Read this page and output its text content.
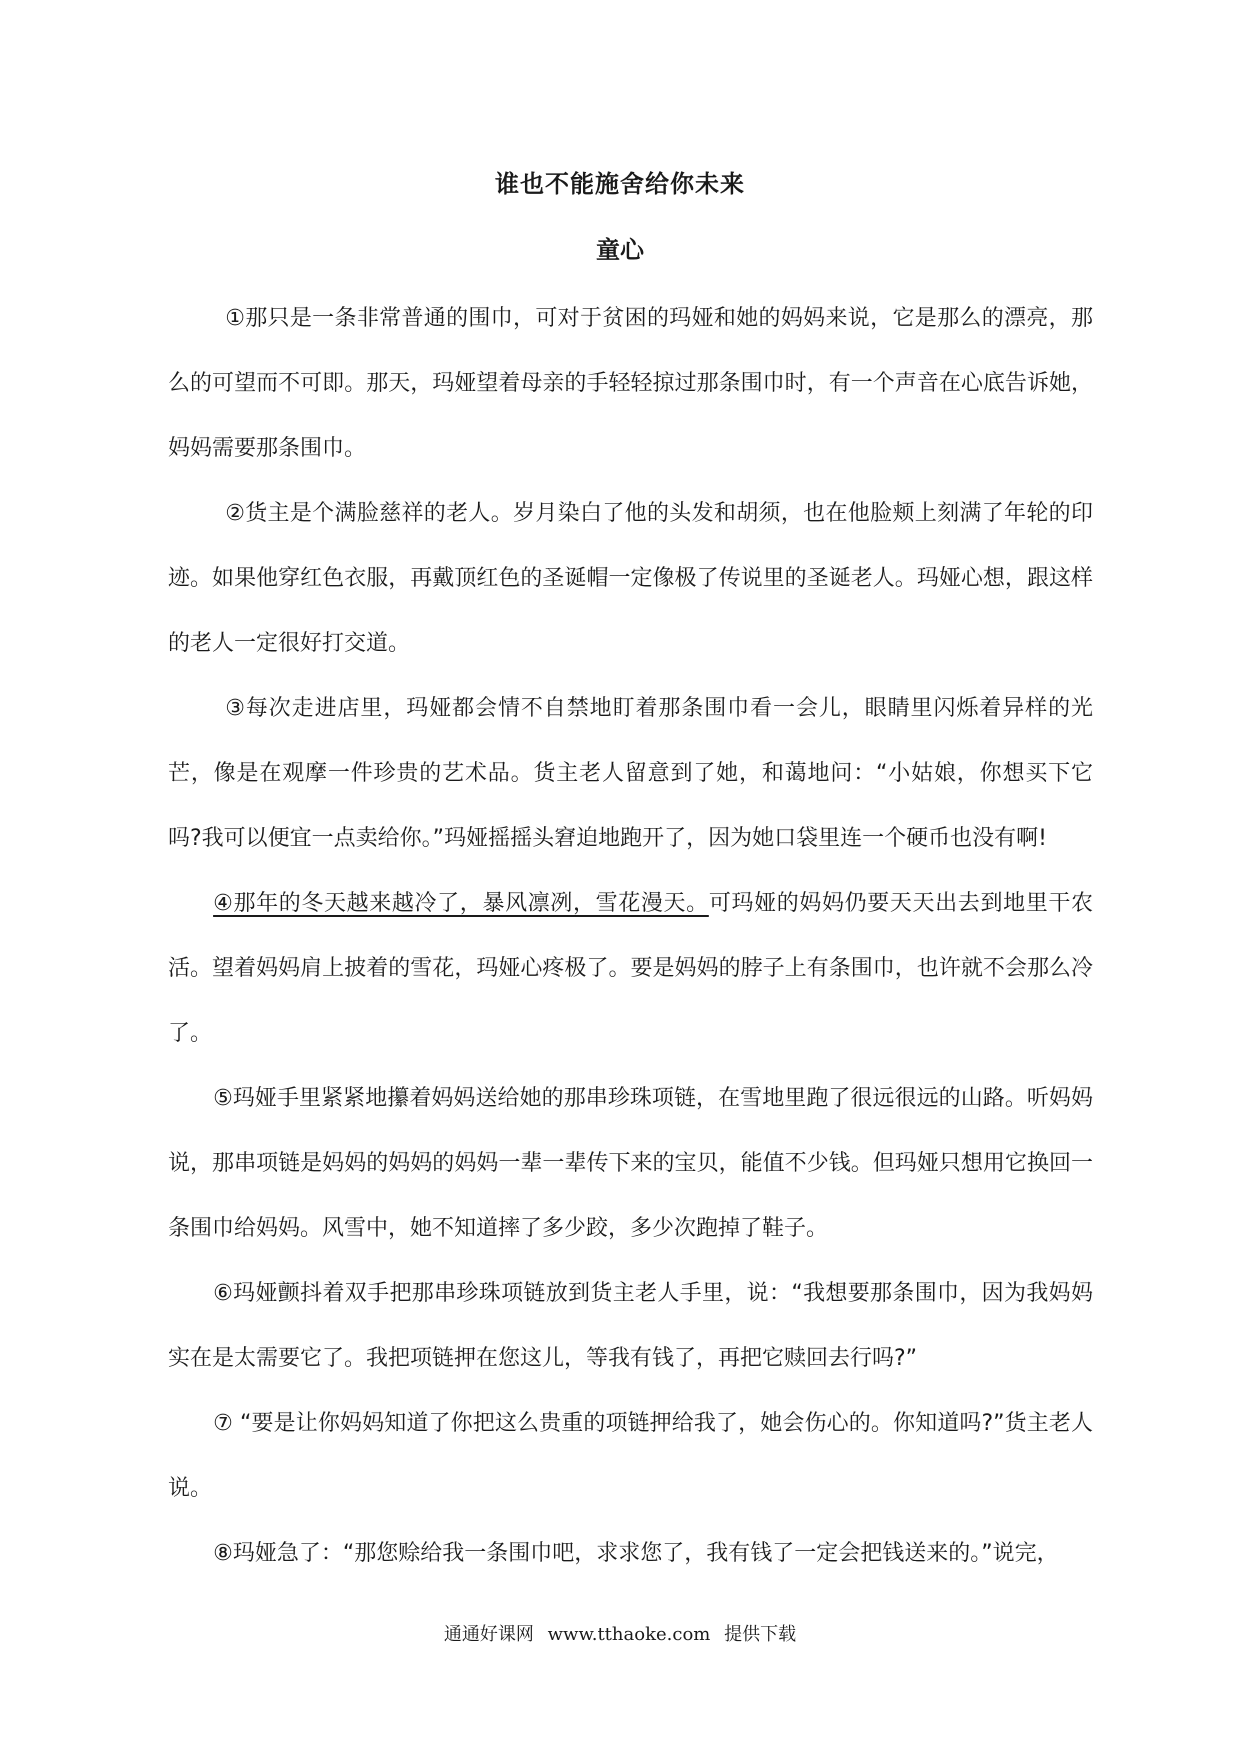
谁也不能施舍给你未来
童心

①那只是一条非常普通的围巾，可对于贫困的玛娅和她的妈妈来说，它是那么的漂亮，那么的可望而不可即。那天，玛娅望着母亲的手轻轻掠过那条围巾时，有一个声音在心底告诉她，妈妈需要那条围巾。

②货主是个满脸慈祥的老人。岁月染白了他的头发和胡须，也在他脸颊上刻满了年轮的印迹。如果他穿红色衣服，再戴顶红色的圣诞帽一定像极了传说里的圣诞老人。玛娅心想，跟这样的老人一定很好打交道。

③每次走进店里，玛娅都会情不自禁地盯着那条围巾看一会儿，眼睛里闪烁着异样的光芒，像是在观摩一件珍贵的艺术品。货主老人留意到了她，和蔼地问：“小姑娘，你想买下它吗?我可以便宜一点卖给你。”玛娅摇摇头窘迫地跑开了，因为她口袋里连一个硬币也没有啊!

④那年的冬天越来越冷了，暴风凛冽，雪花漫天。可玛娅的妈妈仍要天天出去到地里干农活。望着妈妈肩上披着的雪花，玛娅心疼极了。要是妈妈的脖子上有条围巾，也许就不会那么冷了。

⑤玛娅手里紧紧地攥着妈妈送给她的那串珍珠项链，在雪地里跑了很远很远的山路。听妈妈说，那串项链是妈妈的妈妈的妈妈一辈一辈传下来的宝贝，能值不少钱。但玛娅只想用它换回一条围巾给妈妈。风雪中，她不知道摔了多少跤，多少次跑掉了鞋子。

⑥玛娅颤抖着双手把那串珍珠项链放到货主老人手里，说：“我想要那条围巾，因为我妈妈实在是太需要它了。我把项链押在您这儿，等我有钱了，再把它赎回去行吗?”

⑦ “要是让你妈妈知道了你把这么贵重的项链押给我了，她会伤心的。你知道吗?”货主老人说。

⑧玛娅急了：“那您赊给我一条围巾吧，求求您了，我有钱了一定会把钱送来的。”说完，

通通好课网 www.tthaoke.com 提供下载
